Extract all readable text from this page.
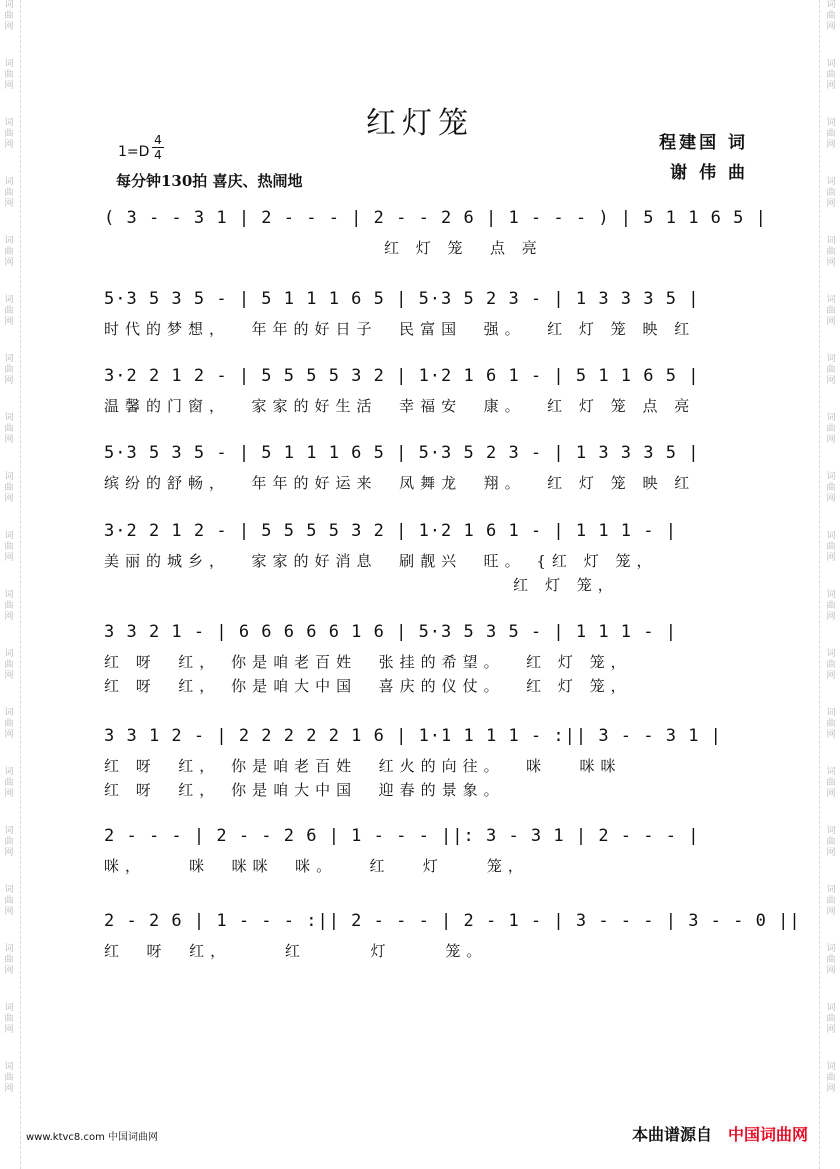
词曲网
词曲网
词曲网
词曲网
词曲网
词曲网
词曲网
词曲网
词曲网
词曲网
词曲网
词曲网
词曲网
词曲网
词曲网
词曲网
词曲网
词曲网
词曲网
词曲网
词曲网
词曲网
词曲网
词曲网
词曲网
词曲网
词曲网
词曲网
词曲网
词曲网
词曲网
词曲网
词曲网
词曲网
词曲网
词曲网
词曲网
词曲网
红灯笼
1=D
4
4
每分钟130拍 喜庆、热闹地
程建国 词
谢 伟 曲
( 3 - - 3 1 | 2 - - - | 2 - - 2 6 | 1 - - - ) | 5 1 1 6 5 |
红 灯 笼  点 亮
5·3 5 3 5 - | 5 1 1 1 6 5 | 5·3 5 2 3 - | 1 3 3 3 5 |
时代的梦想，  年年的好日子  民富国  强。  红 灯 笼 映 红
3·2 2 1 2 - | 5 5 5 5 3 2 | 1·2 1 6 1 - | 5 1 1 6 5 |
温馨的门窗，  家家的好生活  幸福安  康。  红 灯 笼 点 亮
5·3 5 3 5 - | 5 1 1 1 6 5 | 5·3 5 2 3 - | 1 3 3 3 5 |
缤纷的舒畅，  年年的好运来  凤舞龙  翔。  红 灯 笼 映 红
3·2 2 1 2 - | 5 5 5 5 3 2 | 1·2 1 6 1 - | 1 1 1 - |
美丽的城乡，  家家的好消息  刷靓兴  旺。 {红 灯 笼，
红 灯 笼，
3 3 2 1 - | 6 6 6 6 6 1 6 | 5·3 5 3 5 - | 1 1 1 - |
红 呀  红， 你是咱老百姓  张挂的希望。  红 灯 笼，
红 呀  红， 你是咱大中国  喜庆的仪仗。  红 灯 笼，
3 3 1 2 - | 2 2 2 2 2 1 6 | 1·1 1 1 1 - :|| 3 - - 3 1 |
红 呀  红， 你是咱老百姓  红火的向往。  咪   咪咪
红 呀  红， 你是咱大中国  迎春的景象。
2 - - - | 2 - - 2 6 | 1 - - - ||: 3 - 3 1 | 2 - - - |
咪，    咪  咪咪  咪。   红   灯    笼，
2 - 2 6 | 1 - - - :|| 2 - - - | 2 - 1 - | 3 - - - | 3 - - 0 ||
红  呀  红，     红      灯     笼。
www.ktvc8.com 中国词曲网	本曲谱源自 中国词曲网
